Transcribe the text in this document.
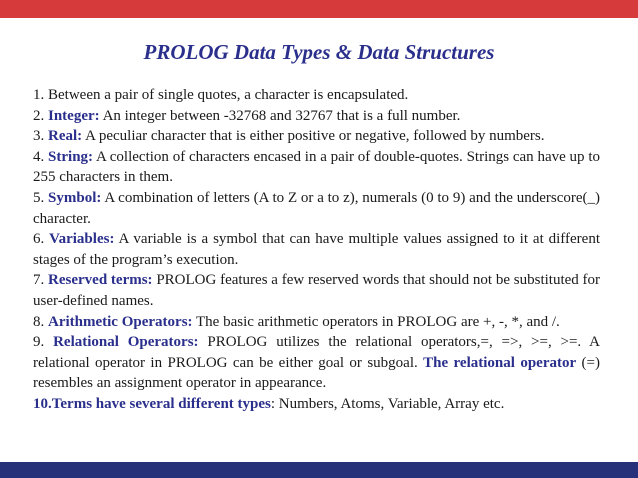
PROLOG Data Types & Data Structures

1. Between a pair of single quotes, a character is encapsulated.

2. Integer: An integer between -32768 and 32767 that is a full number.

3. Real: A peculiar character that is either positive or negative, followed by numbers.

4. String: A collection of characters encased in a pair of double-quotes. Strings can have up to 255 characters in them.

5. Symbol: A combination of letters (A to Z or a to z), numerals (0 to 9) and the underscore(_) character.

6. Variables: A variable is a symbol that can have multiple values assigned to it at different stages of the program’s execution.

7. Reserved terms: PROLOG features a few reserved words that should not be substituted for user-defined names.

8. Arithmetic Operators: The basic arithmetic operators in PROLOG are +, -, *, and /.

9. Relational Operators: PROLOG utilizes the relational operators,=, =>, >=, >=. A relational operator in PROLOG can be either goal or subgoal. The relational operator (=) resembles an assignment operator in appearance.

10.Terms have several different types: Numbers, Atoms, Variable, Array etc.
